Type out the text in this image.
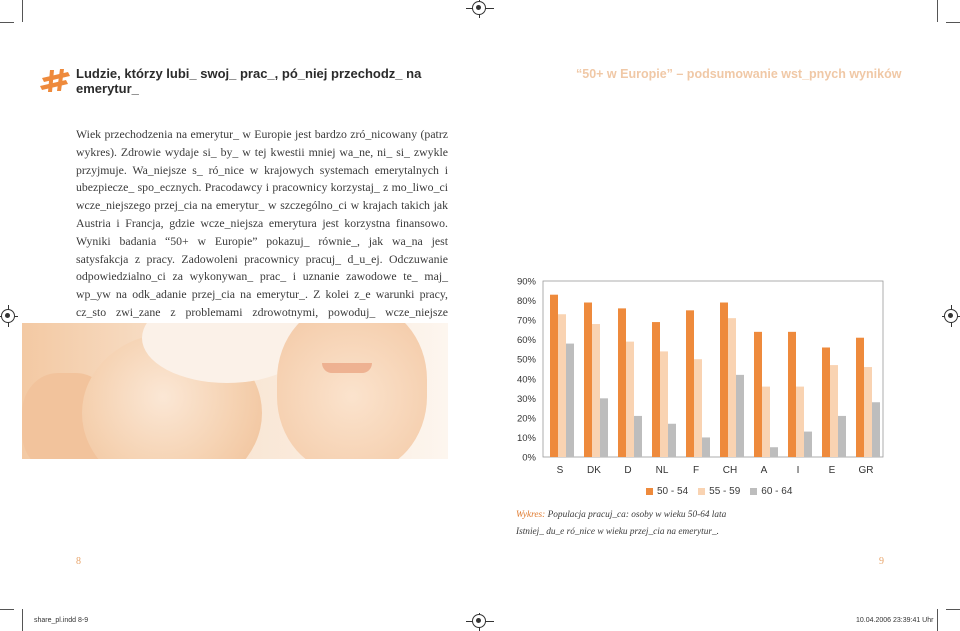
Ludzie, którzy lubi_ swoj_ prac_, pó_niej przechodz_ na emerytur_
“50+ w Europie” – podsumowanie wst_pnych wyników

Wiek przechodzenia na emerytur_ w Europie jest bardzo zró_nicowany (patrz wykres). Zdrowie wydaje si_ by_ w tej kwestii mniej wa_ne, ni_ si_ zwykle przyjmuje. Wa_niejsze s_ ró_nice w krajowych systemach emerytalnych i ubezpiecze_ spo_ecznych. Pracodawcy i pracownicy korzystaj_ z mo_liwo_ci wcze_niejszego przej_cia na emerytur_ w szczególno_ci w krajach takich jak Austria i Francja, gdzie wcze_niejsza emerytura jest korzystna finansowo. Wyniki badania “50+ w Europie” pokazuj_ równie_, jak wa_na jest satysfakcja z pracy. Zadowoleni pracownicy pracuj_ d_u_ej. Odczuwanie odpowiedzialno_ci za wykonywan_ prac_ i uznanie zawodowe te_ maj_ wp_yw na odk_adanie przej_cia na emerytur_. Z kolei z_e warunki pracy, cz_sto zwi_zane z problemami zdrowotnymi, powoduj_ wcze_niejsze

0%
10%
20%
30%
40%
50%
60%
70%
80%
90%
S DK D NL F CH A	I	E GR
50 - 54 55 - 59 60 - 64
Wykres: Populacja pracuj_ca: osoby w wieku 50-64 lata
Istniej_ du_e ró_nice w wieku przej_cia na emerytur_.
8	9
share_pl.indd 8-9	10.04.2006 23:39:41 Uhr
